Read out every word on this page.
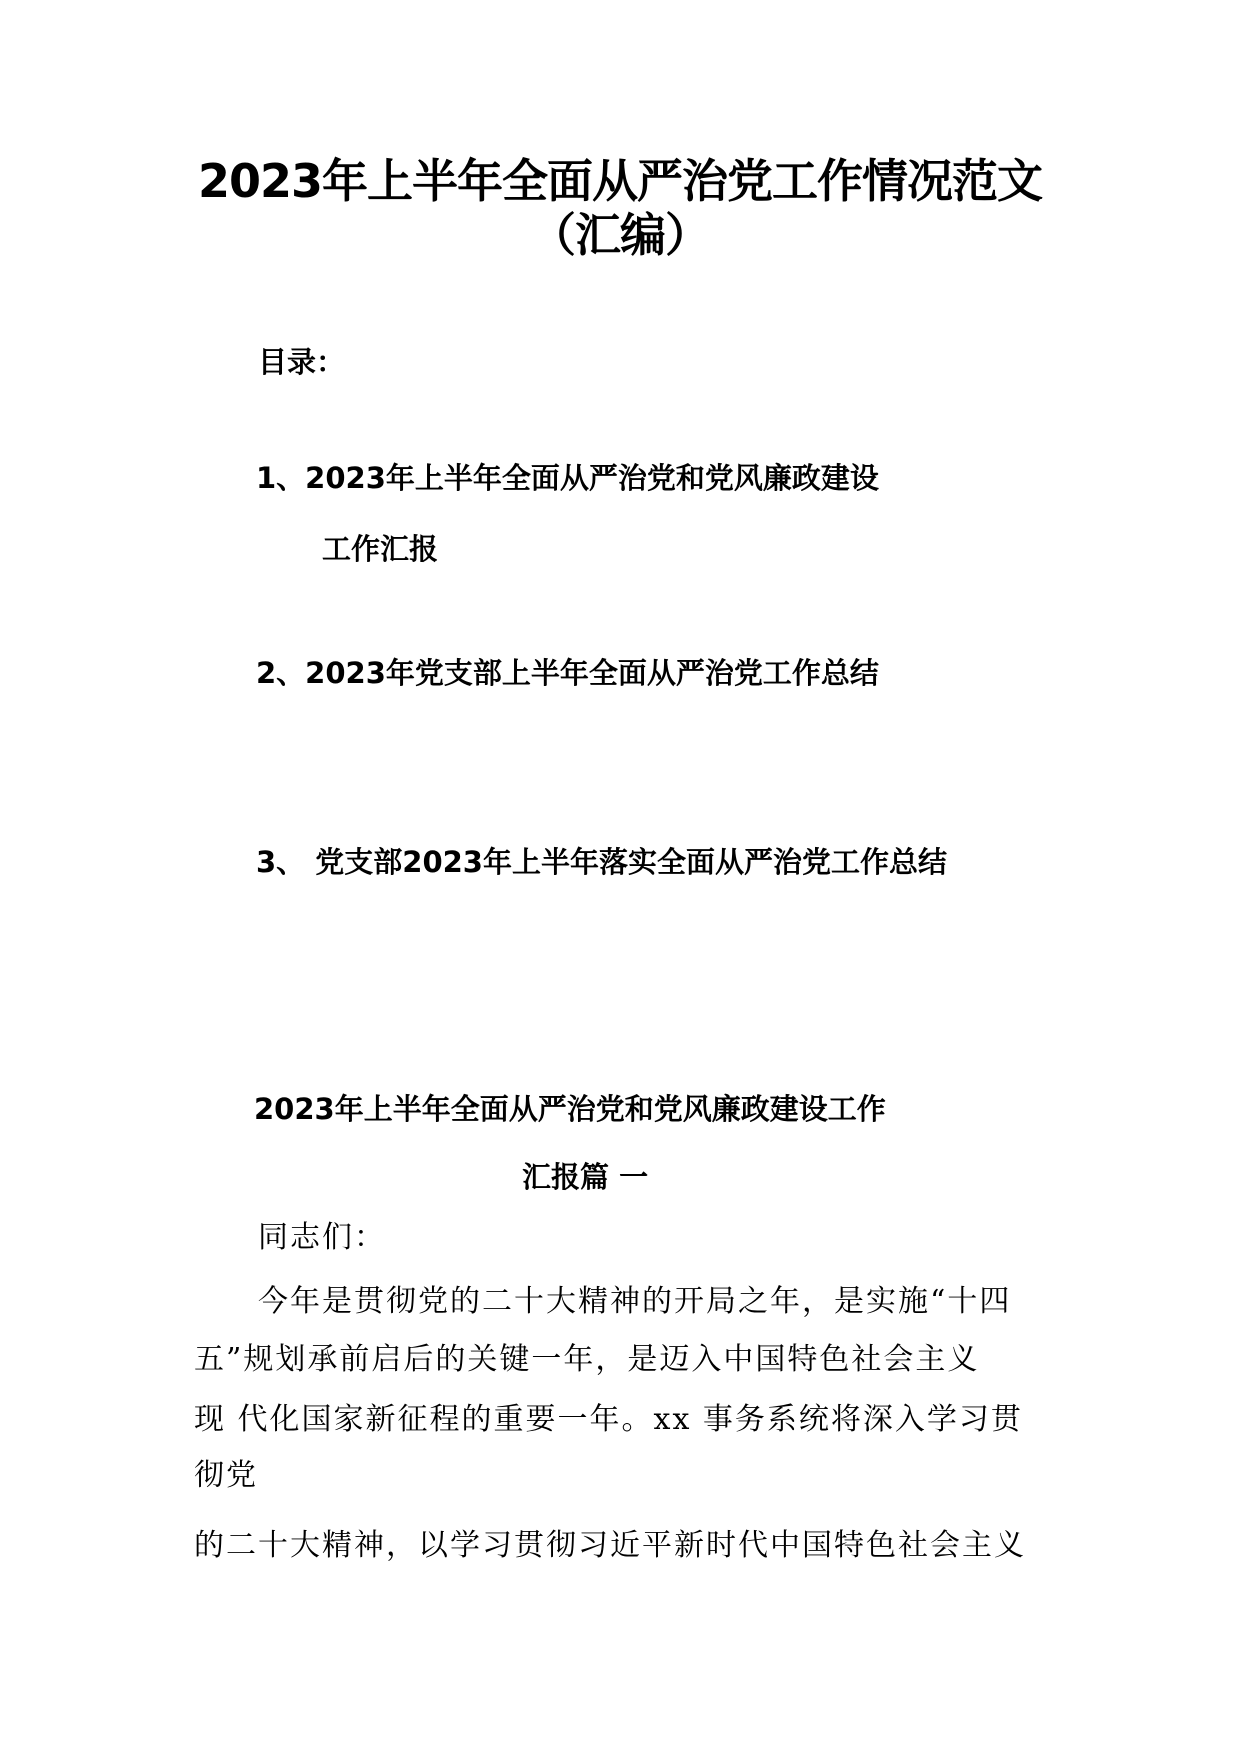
2023年上半年全面从严治党工作情况范文
（汇编）
目录：
1、2023年上半年全面从严治党和党风廉政建设
工作汇报
2、2023年党支部上半年全面从严治党工作总结
3、 党支部2023年上半年落实全面从严治党工作总结
2023年上半年全面从严治党和党风廉政建设工作
汇报篇 一
同志们：
今年是贯彻党的二十大精神的开局之年，是实施“十四
五”规划承前启后的关键一年，是迈入中国特色社会主义
现 代化国家新征程的重要一年。xx 事务系统将深入学习贯
彻党
的二十大精神，以学习贯彻习近平新时代中国特色社会主义
